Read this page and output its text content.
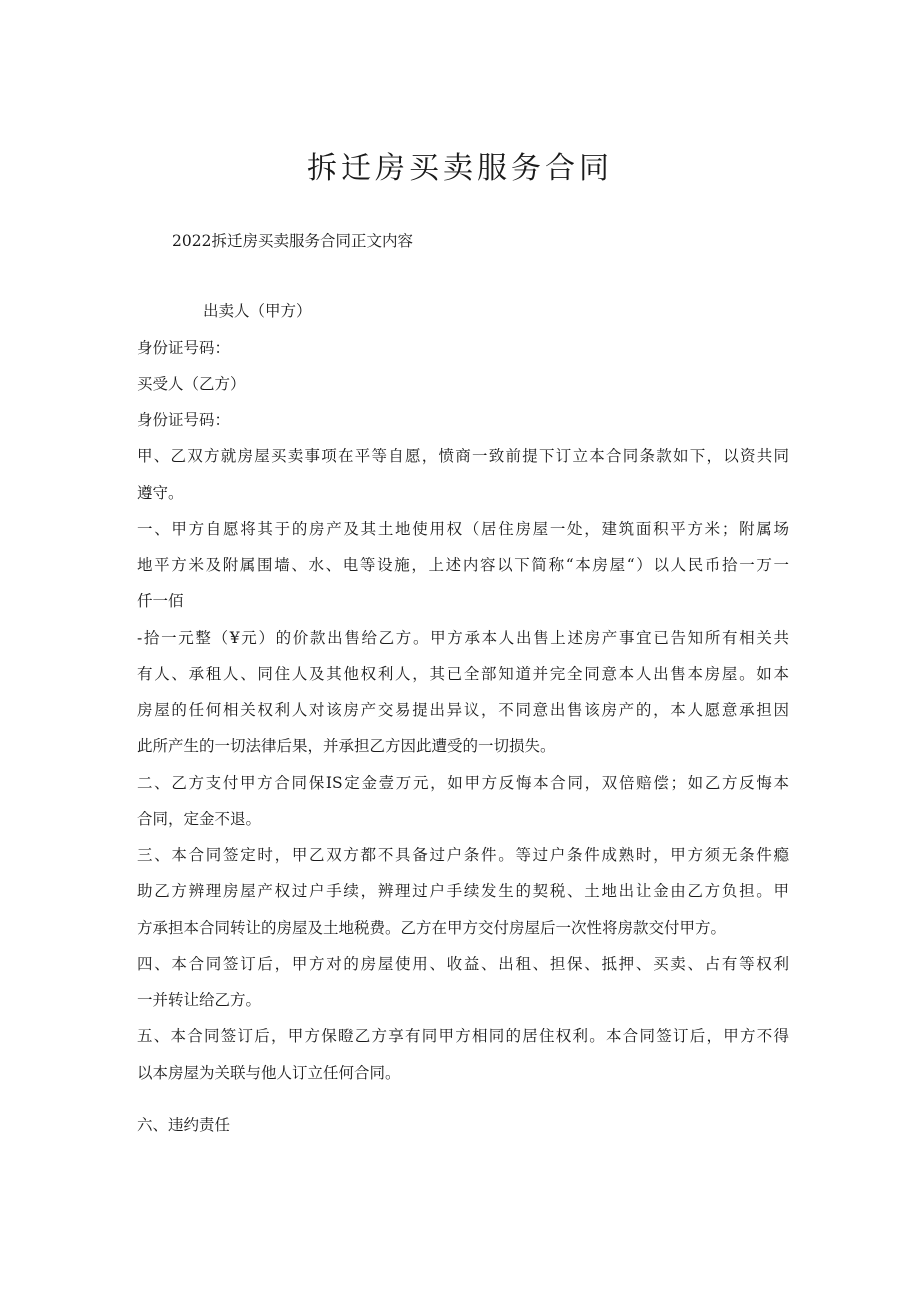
拆迁房买卖服务合同

2022拆迁房买卖服务合同正文内容

出卖人（甲方）

身份证号码：

买受人（乙方）

身份证号码：

甲、乙双方就房屋买卖事项在平等自愿，愤商一致前提下订立本合同条款如下，以资共同

遵守。

一、甲方自愿将其于的房产及其土地使用权（居住房屋一处，建筑面积平方米；附属场

地平方米及附属围墙、水、电等设施，上述内容以下简称“本房屋“）以人民币拾一万一

仟一佰

-拾一元整（¥元）的价款出售给乙方。甲方承本人出售上述房产事宜已告知所有相关共

有人、承租人、同住人及其他权利人，其已全部知道并完全同意本人出售本房屋。如本

房屋的任何相关权利人对该房产交易提出异议，不同意出售该房产的，本人愿意承担因

此所产生的一切法律后果，并承担乙方因此遭受的一切损失。

二、乙方支付甲方合同保IS定金壹万元，如甲方反悔本合同，双倍赔偿；如乙方反悔本

合同，定金不退。

三、本合同签定时，甲乙双方都不具备过户条件。等过户条件成熟时，甲方须无条件瘾

助乙方辨理房屋产权过户手续，辨理过户手续发生的契税、土地出让金由乙方负担。甲

方承担本合同转让的房屋及土地税费。乙方在甲方交付房屋后一次性将房款交付甲方。

四、本合同签订后，甲方对的房屋使用、收益、出租、担保、抵押、买卖、占有等权利

一并转让给乙方。

五、本合同签订后，甲方保瞪乙方享有同甲方相同的居住权利。本合同签订后，甲方不得

以本房屋为关联与他人订立任何合同。

六、违约责任
